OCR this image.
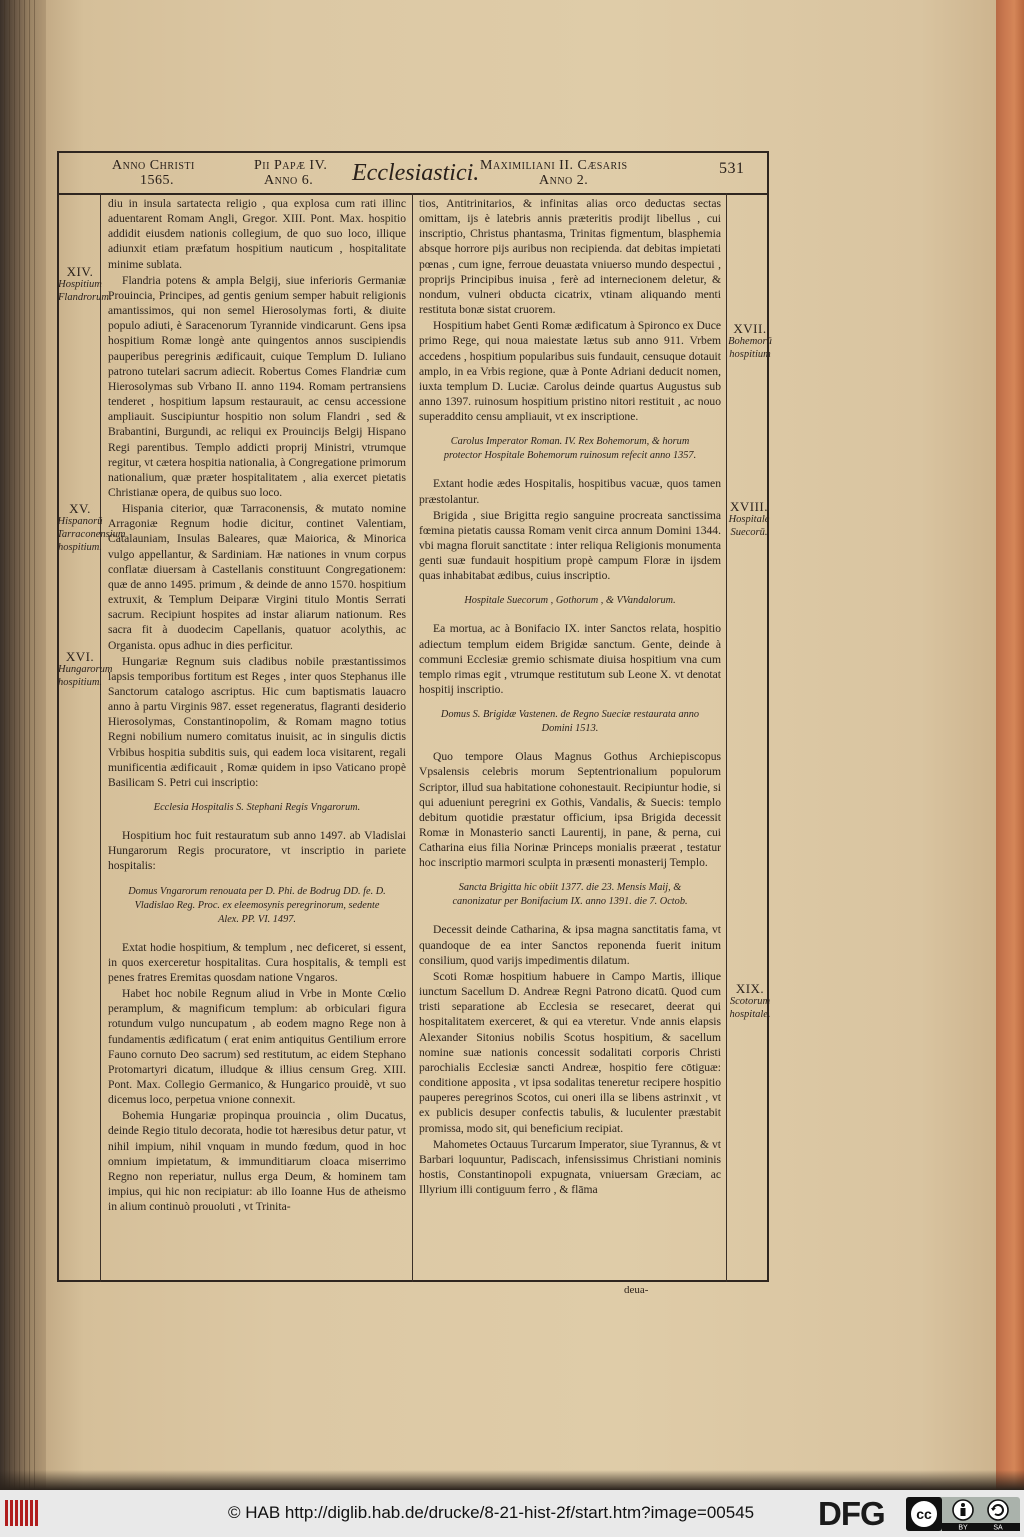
Anno Christi
1565.
Pii Papæ IV.
Anno 6. Ecclesiastici. Maximiliani II. Cæsaris
Anno 2.
531

diu in insula sartatecta religio , qua explosa cum rati illinc aduentarent Romam Angli, Gregor. XIII. Pont. Max. hospitio addidit eiusdem nationis collegium, de quo suo loco, illique adiunxit etiam præfatum hospitium nauticum , hospitalitate minime sublata.

Flandria potens & ampla Belgij, siue inferioris Germaniæ Prouincia, Principes, ad gentis genium semper habuit religionis amantissimos, qui non semel Hierosolymas forti, & diuite populo adiuti, è Saracenorum Tyrannide vindicarunt. Gens ipsa hospitium Romæ longè ante quingentos annos suscipiendis pauperibus peregrinis ædificauit, cuique Templum D. Iuliano patrono tutelari sacrum adiecit. Robertus Comes Flandriæ cum Hierosolymas sub Vrbano II. anno 1194. Romam pertransiens tenderet , hospitium lapsum restaurauit, ac censu accessione ampliauit. Suscipiuntur hospitio non solum Flandri , sed & Brabantini, Burgundi, ac reliqui ex Prouincijs Belgij Hispano Regi parentibus. Templo addicti proprij Ministri, vtrumque regitur, vt cætera hospitia nationalia, à Congregatione primorum nationalium, quæ præter hospitalitatem , alia exercet pietatis Christianæ opera, de quibus suo loco.

Hispania citerior, quæ Tarraconensis, & mutato nomine Arragoniæ Regnum hodie dicitur, continet Valentiam, Catalauniam, Insulas Baleares, quæ Maiorica, & Minorica vulgo appellantur, & Sardiniam. Hæ nationes in vnum corpus conflatæ diuersam à Castellanis constituunt Congregationem: quæ de anno 1495. primum , & deinde de anno 1570. hospitium extruxit, & Templum Deiparæ Virgini titulo Montis Serrati sacrum. Recipiunt hospites ad instar aliarum nationum. Res sacra fit à duodecim Capellanis, quatuor acolythis, ac Organista. opus adhuc in dies perficitur.

Hungariæ Regnum suis cladibus nobile præstantissimos lapsis temporibus fortitum est Reges , inter quos Stephanus ille Sanctorum catalogo ascriptus. Hic cum baptismatis lauacro anno à partu Virginis 987. esset regeneratus, flagranti desiderio Hierosolymas, Constantinopolim, & Romam magno totius Regni nobilium numero comitatus inuisit, ac in singulis dictis Vrbibus hospitia subditis suis, qui eadem loca visitarent, regali munificentia ædificauit , Romæ quidem in ipso Vaticano propè Basilicam S. Petri cui inscriptio:

Ecclesia Hospitalis S. Stephani Regis Vngarorum.

Hospitium hoc fuit restauratum sub anno 1497. ab Vladislai Hungarorum Regis procuratore, vt inscriptio in pariete hospitalis:

Domus Vngarorum renouata per D. Phi. de Bodrug DD. fe. D. Vladislao Reg. Proc. ex eleemosynis peregrinorum, sedente Alex. PP. VI. 1497.

Extat hodie hospitium, & templum , nec deficeret, si essent, in quos exerceretur hospitalitas. Cura hospitalis, & templi est penes fratres Eremitas quosdam natione Vngaros.

Habet hoc nobile Regnum aliud in Vrbe in Monte Cœlio peramplum, & magnificum templum: ab orbiculari figura rotundum vulgo nuncupatum , ab eodem magno Rege non à fundamentis ædificatum ( erat enim antiquitus Gentilium errore Fauno cornuto Deo sacrum) sed restitutum, ac eidem Stephano Protomartyri dicatum, illudque & illius censum Greg. XIII. Pont. Max. Collegio Germanico, & Hungarico prouidè, vt suo dicemus loco, perpetua vnione connexit.

Bohemia Hungariæ propinqua prouincia , olim Ducatus, deinde Regio titulo decorata, hodie tot hæresibus detur patur, vt nihil impium, nihil vnquam in mundo fœdum, quod in hoc omnium impietatum, & immunditiarum cloaca miserrimo Regno non reperiatur, nullus erga Deum, & hominem tam impius, qui hic non recipiatur: ab illo Ioanne Hus de atheismo in alium continuò prouoluti , vt Trinita-

tios, Antitrinitarios, & infinitas alias orco deductas sectas omittam, ijs è latebris annis præteritis prodijt libellus , cui inscriptio, Christus phantasma, Trinitas figmentum, blasphemia absque horrore pijs auribus non recipienda. dat debitas impietati pœnas , cum igne, ferroue deuastata vniuerso mundo despectui , proprijs Principibus inuisa , ferè ad internecionem deletur, & nondum, vulneri obducta cicatrix, vtinam aliquando menti restituta bonæ sistat cruorem.

Hospitium habet Genti Romæ ædificatum à Spironco ex Duce primo Rege, qui noua maiestate lætus sub anno 911. Vrbem accedens , hospitium popularibus suis fundauit, censuque dotauit amplo, in ea Vrbis regione, quæ à Ponte Adriani deducit nomen, iuxta templum D. Luciæ. Carolus deinde quartus Augustus sub anno 1397. ruinosum hospitium pristino nitori restituit , ac nouo superaddito censu ampliauit, vt ex inscriptione.

Carolus Imperator Roman. IV. Rex Bohemorum, & horum protector Hospitale Bohemorum ruinosum refecit anno 1357.

Extant hodie ædes Hospitalis, hospitibus vacuæ, quos tamen præstolantur.

Brigida , siue Brigitta regio sanguine procreata sanctissima fœmina pietatis caussa Romam venit circa annum Domini 1344. vbi magna floruit sanctitate : inter reliqua Religionis monumenta genti suæ fundauit hospitium propè campum Floræ in ijsdem quas inhabitabat ædibus, cuius inscriptio.

Hospitale Suecorum , Gothorum , & VVandalorum.

Ea mortua, ac à Bonifacio IX. inter Sanctos relata, hospitio adiectum templum eidem Brigidæ sanctum. Gente, deinde à communi Ecclesiæ gremio schismate diuisa hospitium vna cum templo rimas egit , vtrumque restitutum sub Leone X. vt denotat hospitij inscriptio.

Domus S. Brigidæ Vastenen. de Regno Sueciæ restaurata anno Domini 1513.

Quo tempore Olaus Magnus Gothus Archiepiscopus Vpsalensis celebris morum Septentrionalium populorum Scriptor, illud sua habitatione cohonestauit. Recipiuntur hodie, si qui adueniunt peregrini ex Gothis, Vandalis, & Suecis: templo debitum quotidie præstatur officium, ipsa Brigida decessit Romæ in Monasterio sancti Laurentij, in pane, & perna, cui Catharina eius filia Norinæ Princeps monialis præerat , testatur hoc inscriptio marmori sculpta in præsenti monasterij Templo.

Sancta Brigitta hic obiit 1377. die 23. Mensis Maij, & canonizatur per Bonifacium IX. anno 1391. die 7. Octob.

Decessit deinde Catharina, & ipsa magna sanctitatis fama, vt quandoque de ea inter Sanctos reponenda fuerit initum consilium, quod varijs impedimentis dilatum.

Scoti Romæ hospitium habuere in Campo Martis, illique iunctum Sacellum D. Andreæ Regni Patrono dicatū. Quod cum tristi separatione ab Ecclesia se resecaret, deerat qui hospitalitatem exerceret, & qui ea vteretur. Vnde annis elapsis Alexander Sitonius nobilis Scotus hospitium, & sacellum nomine suæ nationis concessit sodalitati corporis Christi parochialis Ecclesiæ sancti Andreæ, hospitio fere cōtiguæ: conditione apposita , vt ipsa sodalitas teneretur recipere hospitio pauperes peregrinos Scotos, cui oneri illa se libens astrinxit , vt ex publicis desuper confectis tabulis, & luculenter præstabit promissa, modo sit, qui beneficium recipiat.

Mahometes Octauus Turcarum Imperator, siue Tyrannus, & vt Barbari loquuntur, Padiscach, infensissimus Christiani nominis hostis, Constantinopoli expugnata, vniuersam Græciam, ac Illyrium illi contiguum ferro , & flāma

deua-
XIV.
Hospitium Flandrorum.
XV.
Hispanorū Tarraconensium hospitium.
XVI.
Hungarorum hospitium.
XVII.
Bohemorū hospitium
XVIII.
Hospitale Suecorū.
XIX.
Scotorum hospitale.
© HAB http://diglib.hab.de/drucke/8-21-hist-2f/start.htm?image=00545 DFG cc
BY	SA
